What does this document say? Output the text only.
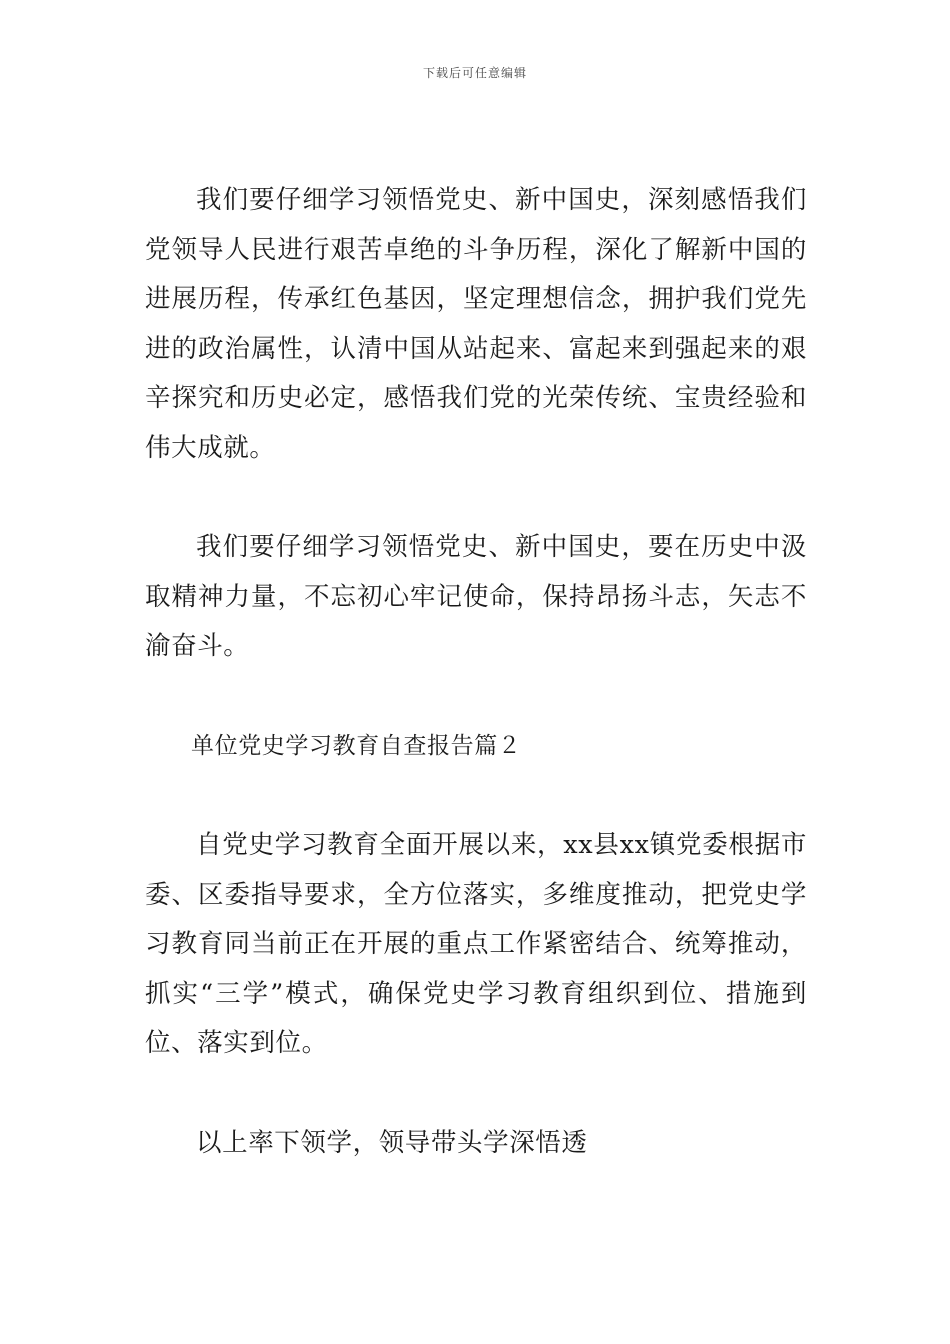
下载后可任意编辑

我们要仔细学习领悟党史、新中国史，深刻感悟我们党领导人民进行艰苦卓绝的斗争历程，深化了解新中国的进展历程，传承红色基因，坚定理想信念，拥护我们党先进的政治属性，认清中国从站起来、富起来到强起来的艰辛探究和历史必定，感悟我们党的光荣传统、宝贵经验和伟大成就。

我们要仔细学习领悟党史、新中国史，要在历史中汲取精神力量，不忘初心牢记使命，保持昂扬斗志，矢志不渝奋斗。

单位党史学习教育自查报告篇２

自党史学习教育全面开展以来，xx县xx镇党委根据市委、区委指导要求，全方位落实，多维度推动，把党史学习教育同当前正在开展的重点工作紧密结合、统筹推动，抓实“三学”模式，确保党史学习教育组织到位、措施到位、落实到位。

以上率下领学，领导带头学深悟透
